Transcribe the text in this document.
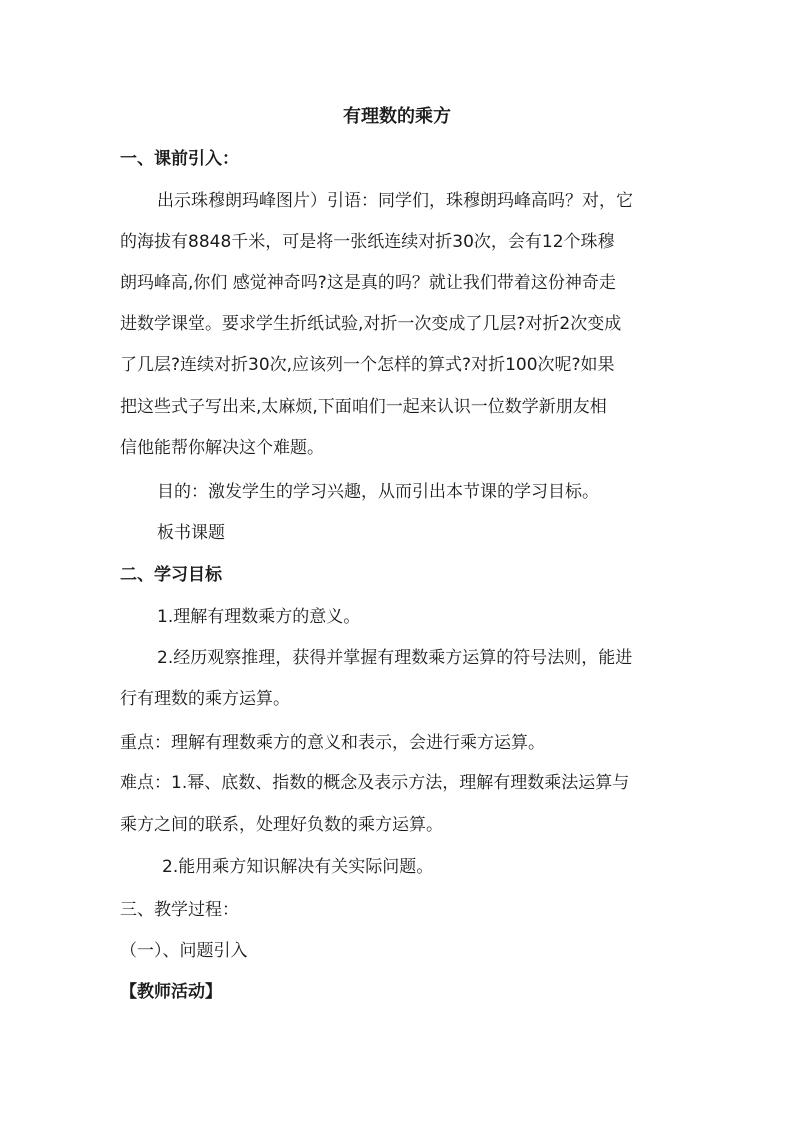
有理数的乘方
一、课前引入：
出示珠穆朗玛峰图片）引语：同学们，珠穆朗玛峰高吗？对，它
的海拔有8848千米，可是将一张纸连续对折30次，会有12个珠穆
朗玛峰高,你们 感觉神奇吗?这是真的吗？就让我们带着这份神奇走
进数学课堂。要求学生折纸试验,对折一次变成了几层?对折2次变成
了几层?连续对折30次,应该列一个怎样的算式?对折100次呢?如果
把这些式子写出来,太麻烦,下面咱们一起来认识一位数学新朋友相
信他能帮你解决这个难题。
目的：激发学生的学习兴趣，从而引出本节课的学习目标。
板书课题
二、学习目标
1.理解有理数乘方的意义。
2.经历观察推理，获得并掌握有理数乘方运算的符号法则，能进
行有理数的乘方运算。
重点：理解有理数乘方的意义和表示，会进行乘方运算。
难点：1.幂、底数、指数的概念及表示方法，理解有理数乘法运算与
乘方之间的联系，处理好负数的乘方运算。
2.能用乘方知识解决有关实际问题。
三、教学过程：
（一）、问题引入
【教师活动】
